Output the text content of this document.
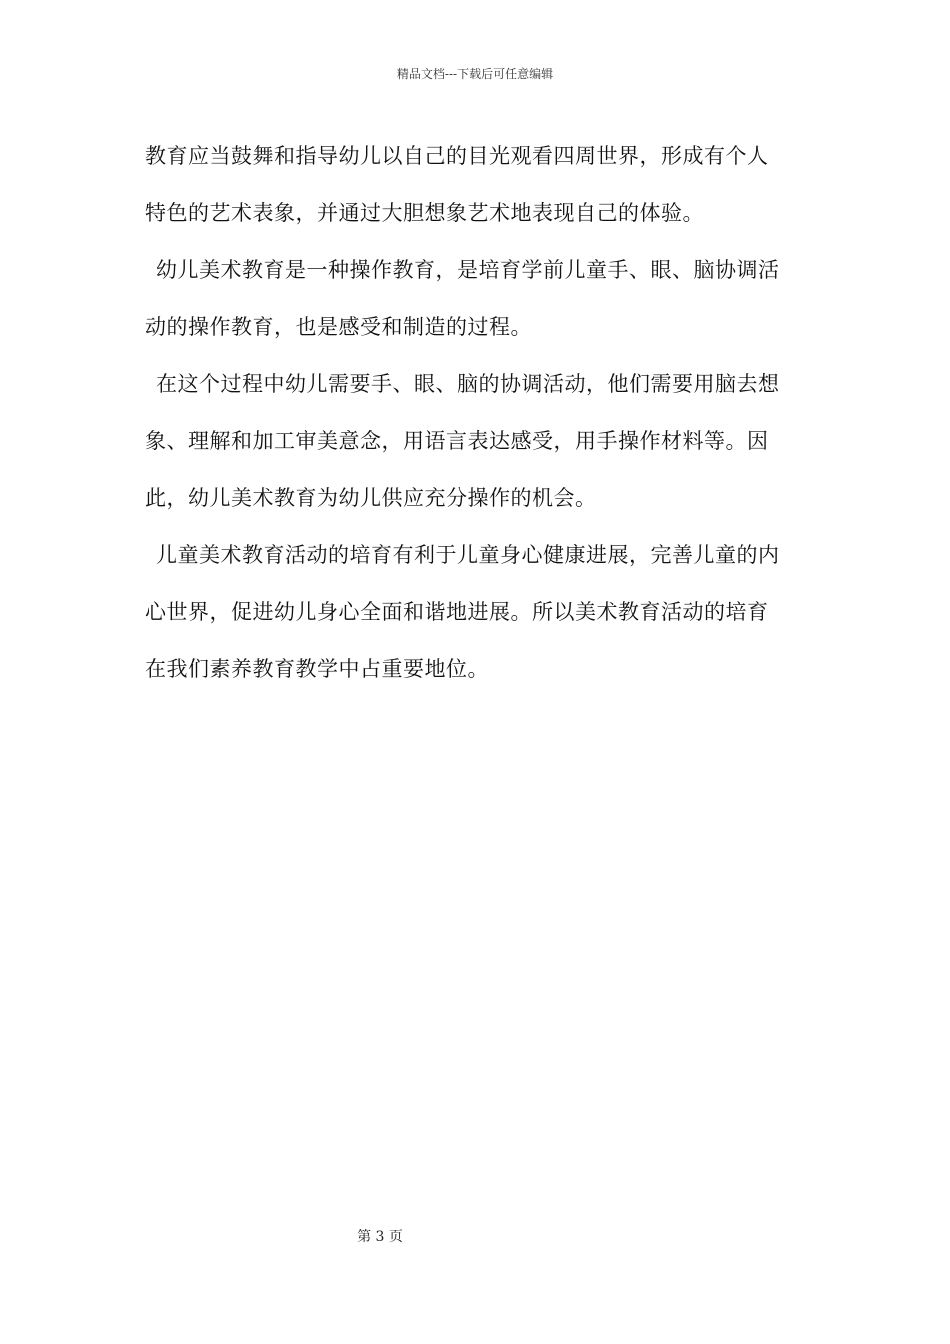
精品文档---下载后可任意编辑

教育应当鼓舞和指导幼儿以自己的目光观看四周世界，形成有个人
特色的艺术表象，并通过大胆想象艺术地表现自己的体验。

幼儿美术教育是一种操作教育，是培育学前儿童手、眼、脑协调活
动的操作教育，也是感受和制造的过程。

在这个过程中幼儿需要手、眼、脑的协调活动，他们需要用脑去想
象、理解和加工审美意念，用语言表达感受，用手操作材料等。因
此，幼儿美术教育为幼儿供应充分操作的机会。

儿童美术教育活动的培育有利于儿童身心健康进展，完善儿童的内
心世界，促进幼儿身心全面和谐地进展。所以美术教育活动的培育
在我们素养教育教学中占重要地位。

第 3 页
